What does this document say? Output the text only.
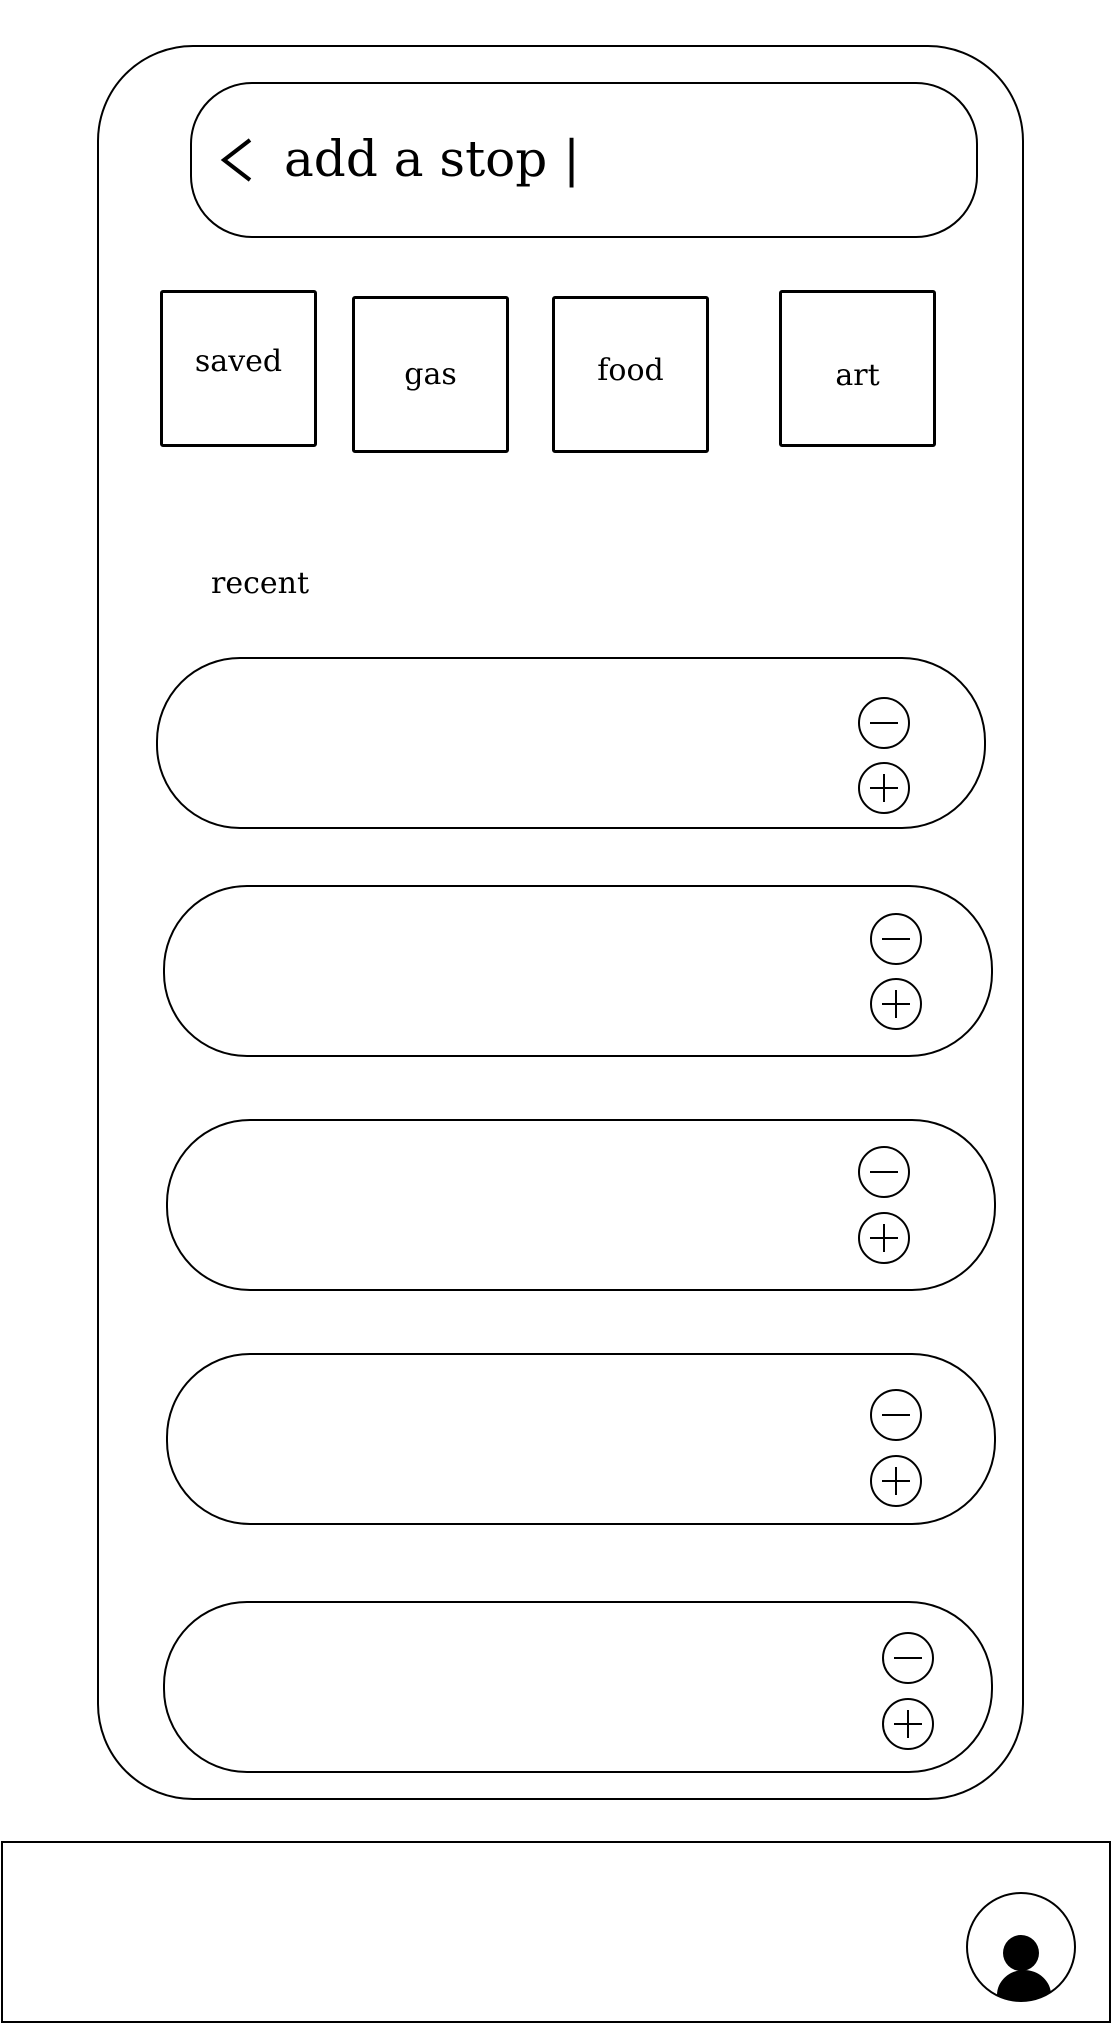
add a stop |
saved	gas	food	art
recent
